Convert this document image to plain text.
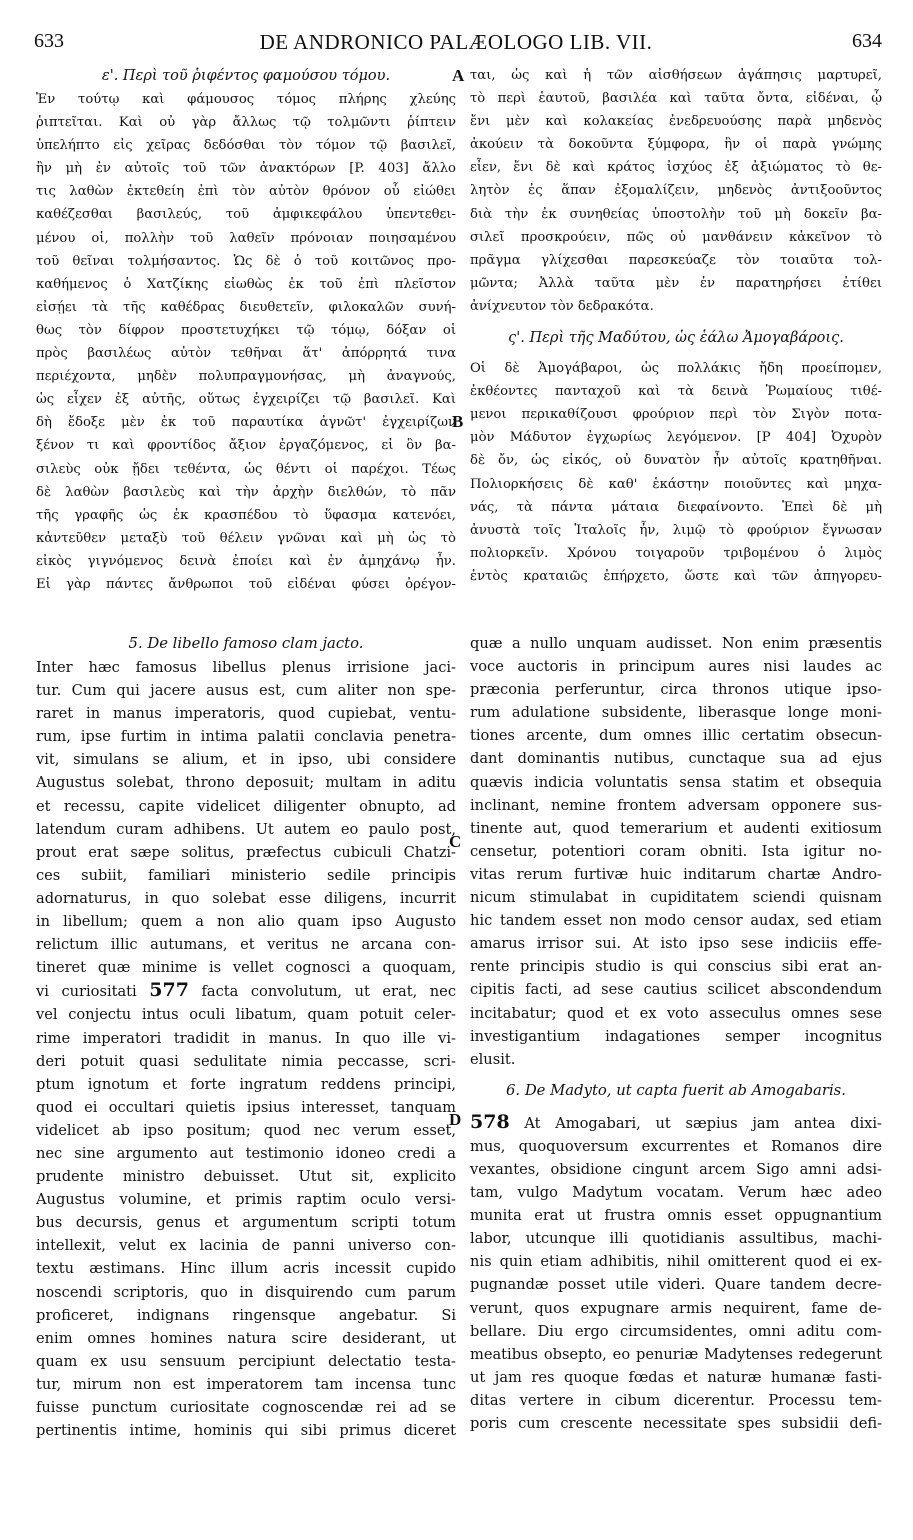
633	DE ANDRONICO PALÆOLOGO LIB. VII.	634
A
B
C
D
ε'. Περὶ τοῦ ῥιφέντος φαμούσου τόμου.
Ἐν τούτῳ καὶ φάμουσος τόμος πλήρης χλεύης
ῥιπτεῖται. Καὶ οὐ γὰρ ἄλλως τῷ τολμῶντι ῥίπτειν
ὑπελήπτο εἰς χεῖρας δεδόσθαι τὸν τόμον τῷ βασιλεῖ,
ἢν μὴ ἐν αὐτοῖς τοῦ τῶν ἀνακτόρων [P. 403] ἄλλο
τις λαθὼν ἐκτεθείη ἐπὶ τὸν αὐτὸν θρόνον οὗ εἰώθει
καθέζεσθαι βασιλεύς, τοῦ ἀμφικεφάλου ὑπεντεθει-
μένου οἱ, πολλὴν τοῦ λαθεῖν πρόνοιαν ποιησαμένου
τοῦ θεῖναι τολμήσαντος. Ὡς δὲ ὁ τοῦ κοιτῶνος προ-
καθήμενος ὁ Χατζίκης εἰωθὼς ἐκ τοῦ ἐπὶ πλεῖστον
εἰσῄει τὰ τῆς καθέδρας διευθετεῖν, φιλοκαλῶν συνή-
θως τὸν δίφρον προστετυχήκει τῷ τόμῳ, δόξαν οἱ
πρὸς βασιλέως αὐτὸν τεθῆναι ἅτ' ἀπόρρητά τινα
περιέχοντα, μηδὲν πολυπραγμονήσας, μὴ ἀναγνούς,
ὡς εἶχεν ἐξ αὐτῆς, οὕτως ἐγχειρίζει τῷ βασιλεῖ. Καὶ
δὴ ἔδοξε μὲν ἐκ τοῦ παραυτίκα ἀγνῶτ' ἐγχειρίζων
ξένον τι καὶ φροντίδος ἄξιον ἐργαζόμενος, εἰ ὃν βα-
σιλεὺς οὐκ ᾔδει τεθέντα, ὡς θέντι οἱ παρέχοι. Τέως
δὲ λαθὼν βασιλεὺς καὶ τὴν ἀρχὴν διελθών, τὸ πᾶν
τῆς γραφῆς ὡς ἐκ κρασπέδου τὸ ὕφασμα κατενόει,
κἀντεῦθεν μεταξὺ τοῦ θέλειν γνῶναι καὶ μὴ ὡς τὸ
εἰκὸς γιγνόμενος δεινὰ ἐποίει καὶ ἐν ἀμηχάνῳ ἦν.
Εἰ γὰρ πάντες ἄνθρωποι τοῦ εἰδέναι φύσει ὀρέγον-
ται, ὡς καὶ ἡ τῶν αἰσθήσεων ἀγάπησις μαρτυρεῖ,
τὸ περὶ ἑαυτοῦ, βασιλέα καὶ ταῦτα ὄντα, εἰδέναι, ᾧ
ἔνι μὲν καὶ κολακείας ἐνεδρευούσης παρὰ μηδενὸς
ἀκούειν τὰ δοκοῦντα ξύμφορα, ἣν οἱ παρὰ γνώμης
εἶεν, ἔνι δὲ καὶ κράτος ἰσχύος ἐξ ἀξιώματος τὸ θε-
λητὸν ἐς ἅπαν ἐξομαλίζειν, μηδενὸς ἀντιξοοῦντος
διὰ τὴν ἐκ συνηθείας ὑποστολὴν τοῦ μὴ δοκεῖν βα-
σιλεῖ προσκρούειν, πῶς οὐ μανθάνειν κἀκεῖνον τὸ
πρᾶγμα γλίχεσθαι παρεσκεύαζε τὸν τοιαῦτα τολ-
μῶντα; Ἀλλὰ ταῦτα μὲν ἐν παρατηρήσει ἐτίθει
ἀνίχνευτον τὸν δεδρακότα.
ς'. Περὶ τῆς Μαδύτου, ὡς ἑάλω Ἀμογαβάροις.
Οἱ δὲ Ἀμογάβαροι, ὡς πολλάκις ἤδη προείπομεν,
ἐκθέοντες πανταχοῦ καὶ τὰ δεινὰ Ῥωμαίους τιθέ-
μενοι περικαθίζουσι φρούριον περὶ τὸν Σιγὸν ποτα-
μὸν Μάδυτον ἐγχωρίως λεγόμενον. [P 404] Ὀχυρὸν
δὲ ὄν, ὡς εἰκός, οὐ δυνατὸν ἦν αὐτοῖς κρατηθῆναι.
Πολιορκήσεις δὲ καθ' ἑκάστην ποιοῦντες καὶ μηχα-
νάς, τὰ πάντα μάταια διεφαίνοντο. Ἐπεὶ δὲ μὴ
ἀνυστὰ τοῖς Ἰταλοῖς ἦν, λιμῷ τὸ φρούριον ἔγνωσαν
πολιορκεῖν. Χρόνου τοιγαροῦν τριβομένου ὁ λιμὸς
ἐντὸς κραταιῶς ἐπήρχετο, ὥστε καὶ τῶν ἀπηγορευ-
5. De libello famoso clam jacto.
Inter hæc famosus libellus plenus irrisione jaci-
tur. Cum qui jacere ausus est, cum aliter non spe-
raret in manus imperatoris, quod cupiebat, ventu-
rum, ipse furtim in intima palatii conclavia penetra-
vit, simulans se alium, et in ipso, ubi considere
Augustus solebat, throno deposuit; multam in aditu
et recessu, capite videlicet diligenter obnupto, ad
latendum curam adhibens. Ut autem eo paulo post,
prout erat sæpe solitus, præfectus cubiculi Chatzi-
ces subiit, familiari ministerio sedile principis
adornaturus, in quo solebat esse diligens, incurrit
in libellum; quem a non alio quam ipso Augusto
relictum illic autumans, et veritus ne arcana con-
tineret quæ minime is vellet cognosci a quoquam,
vi curiositati 577 facta convolutum, ut erat, nec
vel conjectu intus oculi libatum, quam potuit celer-
rime imperatori tradidit in manus. In quo ille vi-
deri potuit quasi sedulitate nimia peccasse, scri-
ptum ignotum et forte ingratum reddens principi,
quod ei occultari quietis ipsius interesset, tanquam
videlicet ab ipso positum; quod nec verum esset,
nec sine argumento aut testimonio idoneo credi a
prudente ministro debuisset. Utut sit, explicito
Augustus volumine, et primis raptim oculo versi-
bus decursis, genus et argumentum scripti totum
intellexit, velut ex lacinia de panni universo con-
textu æstimans. Hinc illum acris incessit cupido
noscendi scriptoris, quo in disquirendo cum parum
proficeret, indignans ringensque angebatur. Si
enim omnes homines natura scire desiderant, ut
quam ex usu sensuum percipiunt delectatio testa-
tur, mirum non est imperatorem tam incensa tunc
fuisse punctum curiositate cognoscendæ rei ad se
pertinentis intime, hominis qui sibi primus diceret
quæ a nullo unquam audisset. Non enim præsentis
voce auctoris in principum aures nisi laudes ac
præconia perferuntur, circa thronos utique ipso-
rum adulatione subsidente, liberasque longe moni-
tiones arcente, dum omnes illic certatim obsecun-
dant dominantis nutibus, cunctaque sua ad ejus
quævis indicia voluntatis sensa statim et obsequia
inclinant, nemine frontem adversam opponere sus-
tinente aut, quod temerarium et audenti exitiosum
censetur, potentiori coram obniti. Ista igitur no-
vitas rerum furtivæ huic inditarum chartæ Andro-
nicum stimulabat in cupiditatem sciendi quisnam
hic tandem esset non modo censor audax, sed etiam
amarus irrisor sui. At isto ipso sese indiciis effe-
rente principis studio is qui conscius sibi erat an-
cipitis facti, ad sese cautius scilicet abscondendum
incitabatur; quod et ex voto asseculus omnes sese
investigantium indagationes semper incognitus
elusit.
6. De Madyto, ut capta fuerit ab Amogabaris.
578 At Amogabari, ut sæpius jam antea dixi-
mus, quoquoversum excurrentes et Romanos dire
vexantes, obsidione cingunt arcem Sigo amni adsi-
tam, vulgo Madytum vocatam. Verum hæc adeo
munita erat ut frustra omnis esset oppugnantium
labor, utcunque illi quotidianis assultibus, machi-
nis quin etiam adhibitis, nihil omitterent quod ei ex-
pugnandæ posset utile videri. Quare tandem decre-
verunt, quos expugnare armis nequirent, fame de-
bellare. Diu ergo circumsidentes, omni aditu com-
meatibus obsepto, eo penuriæ Madytenses redegerunt
ut jam res quoque fœdas et naturæ humanæ fasti-
ditas vertere in cibum dicerentur. Processu tem-
poris cum crescente necessitate spes subsidii defi-
